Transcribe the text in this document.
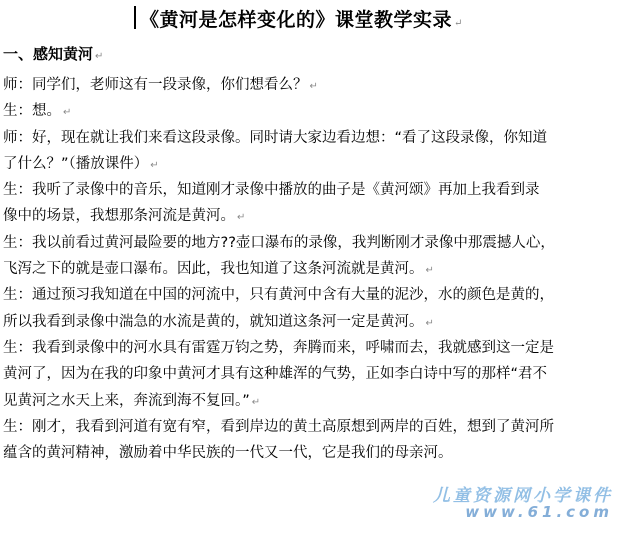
《黄河是怎样变化的》课堂教学实录 ↵
一、感知黄河 ↵
师：同学们，老师这有一段录像，你们想看么？ ↵
生：想。 ↵
师：好，现在就让我们来看这段录像。同时请大家边看边想：“看了这段录像，你知道
了什么？”（播放课件） ↵
生：我听了录像中的音乐，知道刚才录像中播放的曲子是《黄河颂》再加上我看到录
像中的场景，我想那条河流是黄河。 ↵
生：我以前看过黄河最险要的地方??壶口瀑布的录像，我判断刚才录像中那震撼人心，
飞泻之下的就是壶口瀑布。因此，我也知道了这条河流就是黄河。 ↵
生：通过预习我知道在中国的河流中，只有黄河中含有大量的泥沙，水的颜色是黄的，
所以我看到录像中湍急的水流是黄的，就知道这条河一定是黄河。 ↵
生：我看到录像中的河水具有雷霆万钧之势，奔腾而来，呼啸而去，我就感到这一定是
黄河了，因为在我的印象中黄河才具有这种雄浑的气势，正如李白诗中写的那样“君不
见黄河之水天上来，奔流到海不复回。” ↵
生：刚才，我看到河道有宽有窄，看到岸边的黄土高原想到两岸的百姓，想到了黄河所
蕴含的黄河精神，激励着中华民族的一代又一代，它是我们的母亲河。
儿童资源网小学课件
www.61.com
